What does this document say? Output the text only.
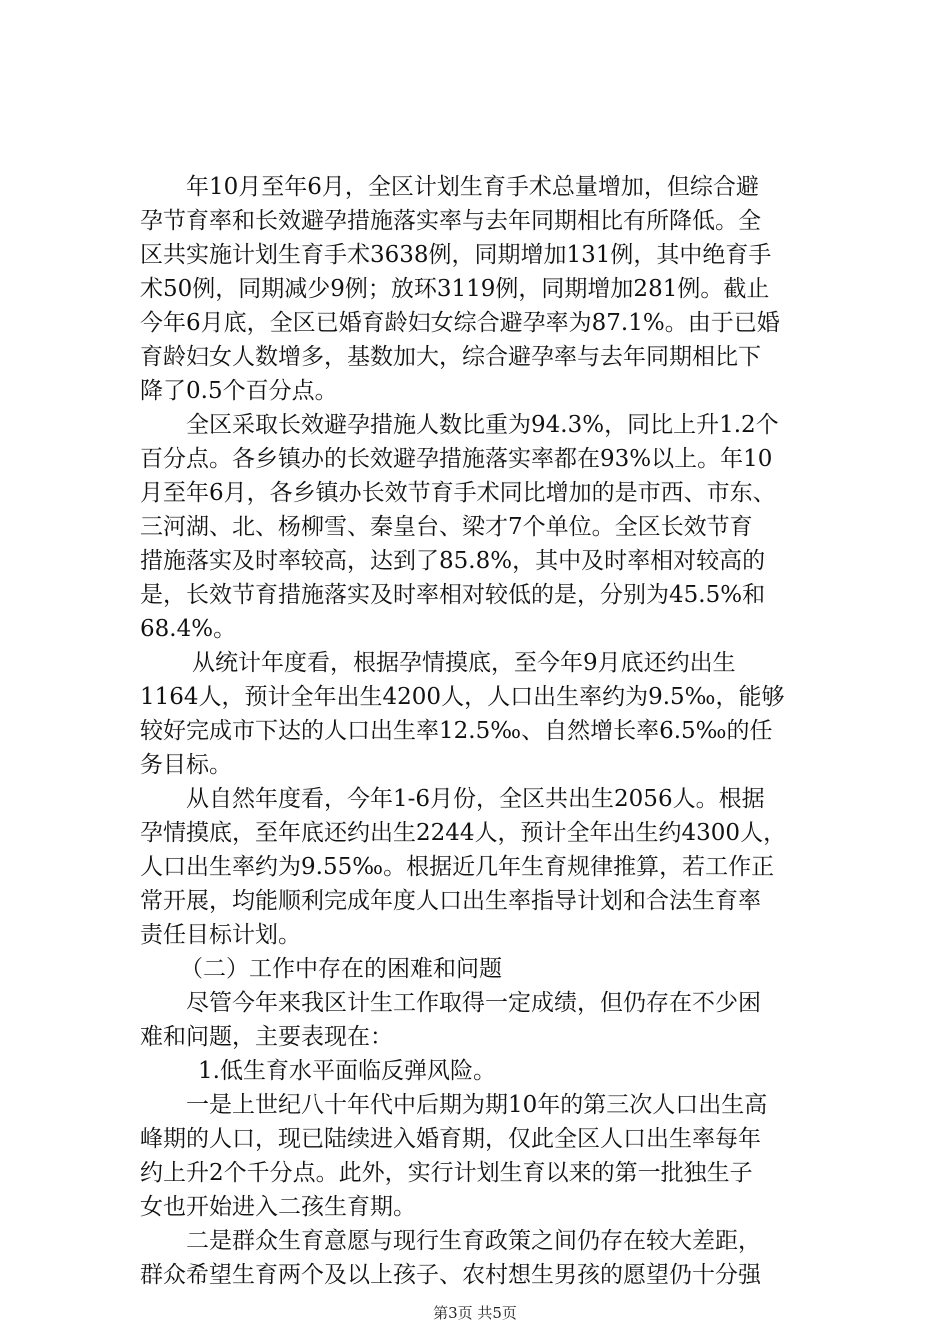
年10月至年6月，全区计划生育手术总量增加，但综合避
孕节育率和长效避孕措施落实率与去年同期相比有所降低。全
区共实施计划生育手术3638例，同期增加131例，其中绝育手
术50例，同期减少9例；放环3119例，同期增加281例。截止
今年6月底，全区已婚育龄妇女综合避孕率为87.1%。由于已婚
育龄妇女人数增多，基数加大，综合避孕率与去年同期相比下
降了0.5个百分点。
全区采取长效避孕措施人数比重为94.3%，同比上升1.2个
百分点。各乡镇办的长效避孕措施落实率都在93%以上。年10
月至年6月，各乡镇办长效节育手术同比增加的是市西、市东、
三河湖、北、杨柳雪、秦皇台、梁才7个单位。全区长效节育
措施落实及时率较高，达到了85.8%，其中及时率相对较高的
是，长效节育措施落实及时率相对较低的是，分别为45.5%和
68.4%。
从统计年度看，根据孕情摸底，至今年9月底还约出生
1164人，预计全年出生4200人，人口出生率约为9.5‰，能够
较好完成市下达的人口出生率12.5‰、自然增长率6.5‰的任
务目标。
从自然年度看，今年1-6月份，全区共出生2056人。根据
孕情摸底，至年底还约出生2244人，预计全年出生约4300人，
人口出生率约为9.55‰。根据近几年生育规律推算，若工作正
常开展，均能顺利完成年度人口出生率指导计划和合法生育率
责任目标计划。
（二）工作中存在的困难和问题
尽管今年来我区计生工作取得一定成绩，但仍存在不少困
难和问题，主要表现在：
1.低生育水平面临反弹风险。
一是上世纪八十年代中后期为期10年的第三次人口出生高
峰期的人口，现已陆续进入婚育期，仅此全区人口出生率每年
约上升2个千分点。此外，实行计划生育以来的第一批独生子
女也开始进入二孩生育期。
二是群众生育意愿与现行生育政策之间仍存在较大差距，
群众希望生育两个及以上孩子、农村想生男孩的愿望仍十分强
第3页 共5页
